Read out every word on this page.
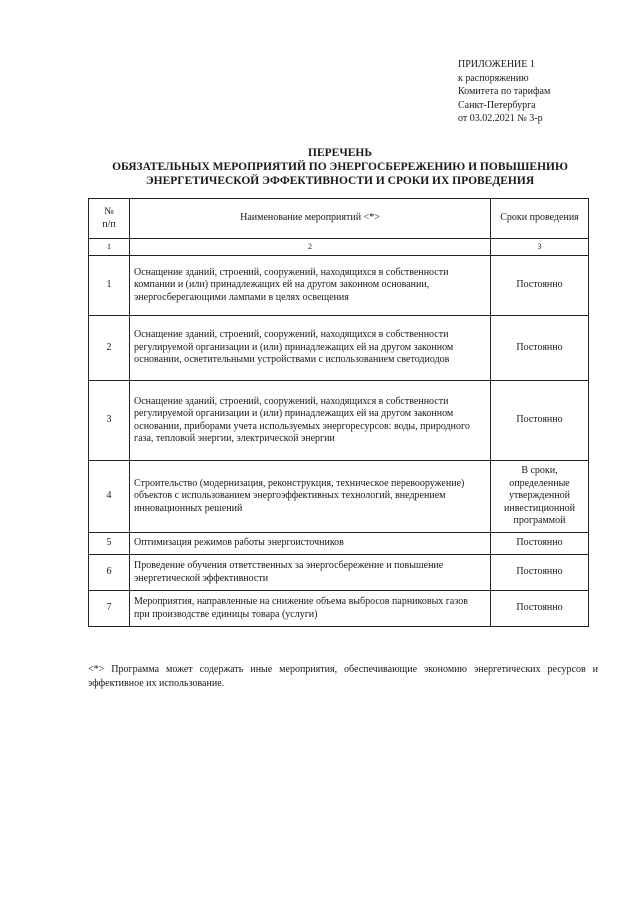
ПРИЛОЖЕНИЕ 1
к распоряжению
Комитета по тарифам
Санкт-Петербурга
от 03.02.2021 № 3-р
ПЕРЕЧЕНЬ
ОБЯЗАТЕЛЬНЫХ МЕРОПРИЯТИЙ ПО ЭНЕРГОСБЕРЕЖЕНИЮ И ПОВЫШЕНИЮ
ЭНЕРГЕТИЧЕСКОЙ ЭФФЕКТИВНОСТИ И СРОКИ ИХ ПРОВЕДЕНИЯ
№
п/п	Наименование мероприятий <*>	Сроки проведения
1	2	3
1	Оснащение зданий, строений, сооружений, находящихся в собственности компании и (или) принадлежащих ей на другом законном основании, энергосберегающими лампами в целях освещения	Постоянно
2	Оснащение зданий, строений, сооружений, находящихся в собственности регулируемой организации и (или) принадлежащих ей на другом законном основании, осветительными устройствами с использованием светодиодов	Постоянно
3	Оснащение зданий, строений, сооружений, находящихся в собственности регулируемой организации и (или) принадлежащих ей на другом законном основании, приборами учета используемых энергоресурсов: воды, природного газа, тепловой энергии, электрической энергии	Постоянно
4	Строительство (модернизация, реконструкция, техническое перевооружение) объектов с использованием энергоэффективных технологий, внедрением инновационных решений	В сроки, определенные утвержденной инвестиционной программой
5	Оптимизация режимов работы энергоисточников	Постоянно
6	Проведение обучения ответственных за энергосбережение и повышение энергетической эффективности	Постоянно
7	Мероприятия, направленные на снижение объема выбросов парниковых газов при производстве единицы товара (услуги)	Постоянно
<*> Программа может содержать иные мероприятия, обеспечивающие экономию энергетических ресурсов и эффективное их использование.
